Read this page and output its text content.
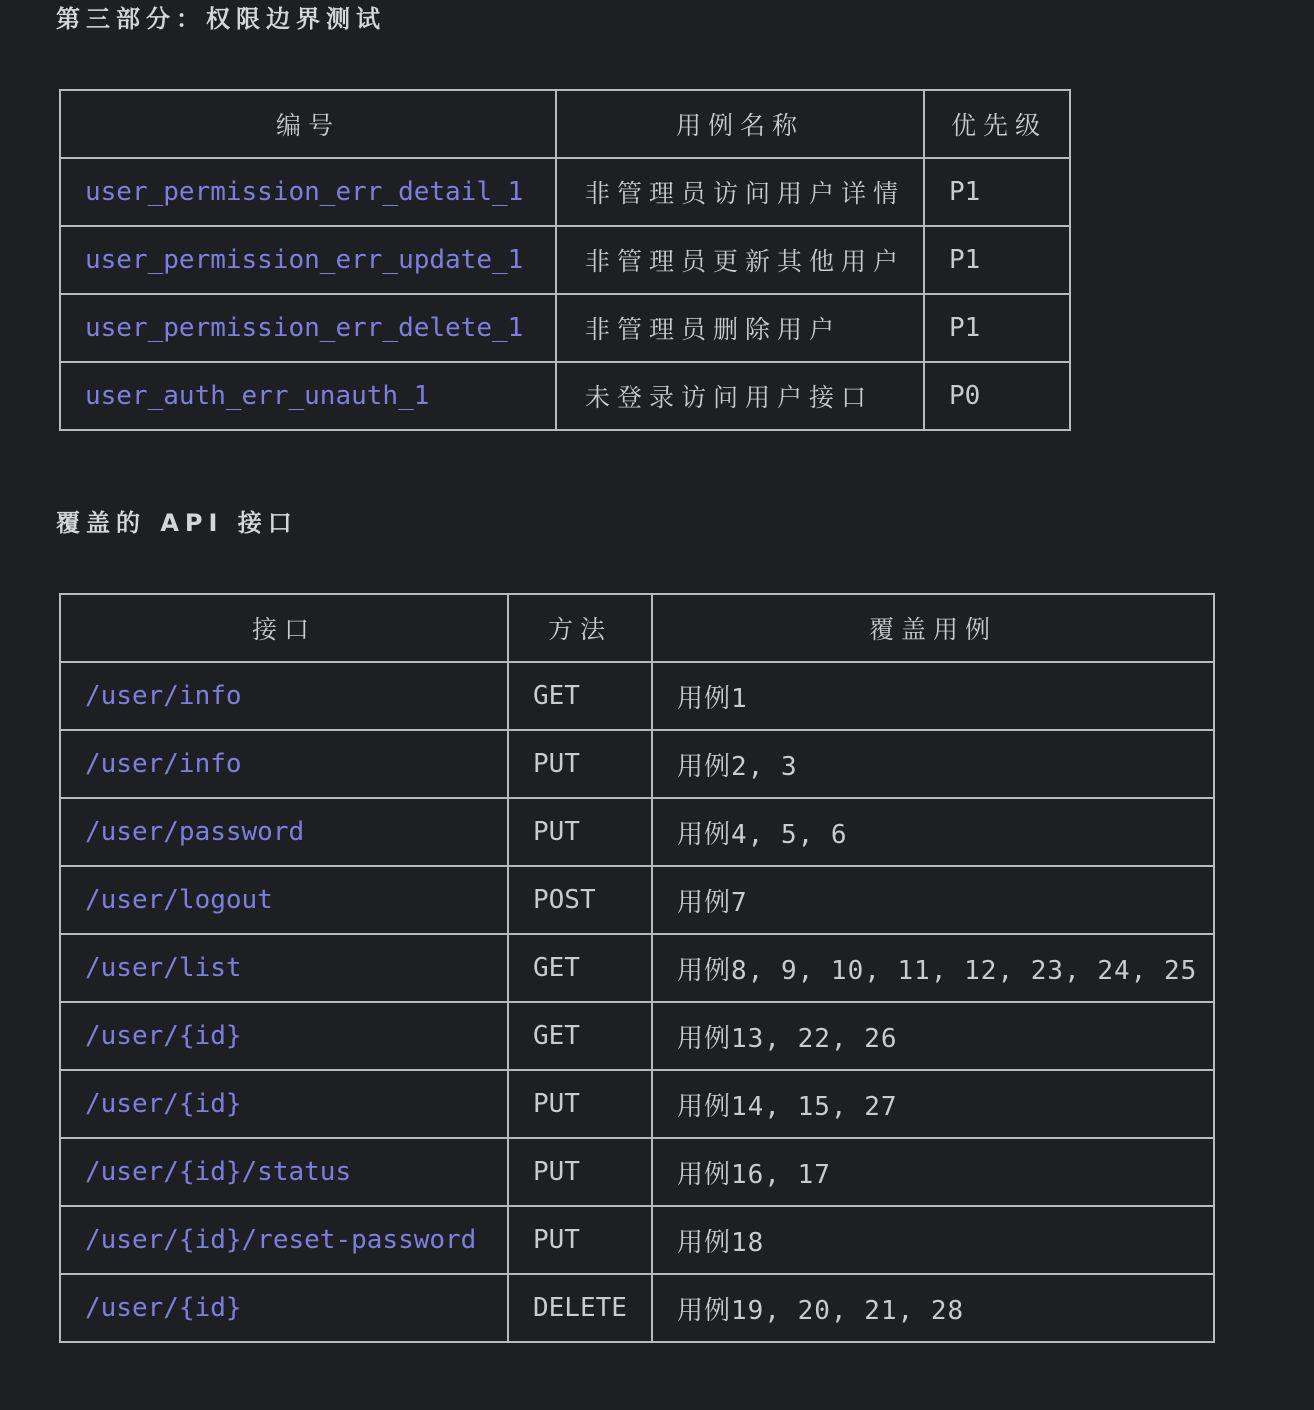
第三部分：权限边界测试
编号	用例名称	优先级
user_permission_err_detail_1	非管理员访问用户详情	P1
user_permission_err_update_1	非管理员更新其他用户	P1
user_permission_err_delete_1	非管理员删除用户	P1
user_auth_err_unauth_1	未登录访问用户接口	P0
覆盖的 API 接口
接口	方法	覆盖用例
/user/info	GET	用例1
/user/info	PUT	用例2, 3
/user/password	PUT	用例4, 5, 6
/user/logout	POST	用例7
/user/list	GET	用例8, 9, 10, 11, 12, 23, 24, 25
/user/{id}	GET	用例13, 22, 26
/user/{id}	PUT	用例14, 15, 27
/user/{id}/status	PUT	用例16, 17
/user/{id}/reset-password	PUT	用例18
/user/{id}	DELETE	用例19, 20, 21, 28
